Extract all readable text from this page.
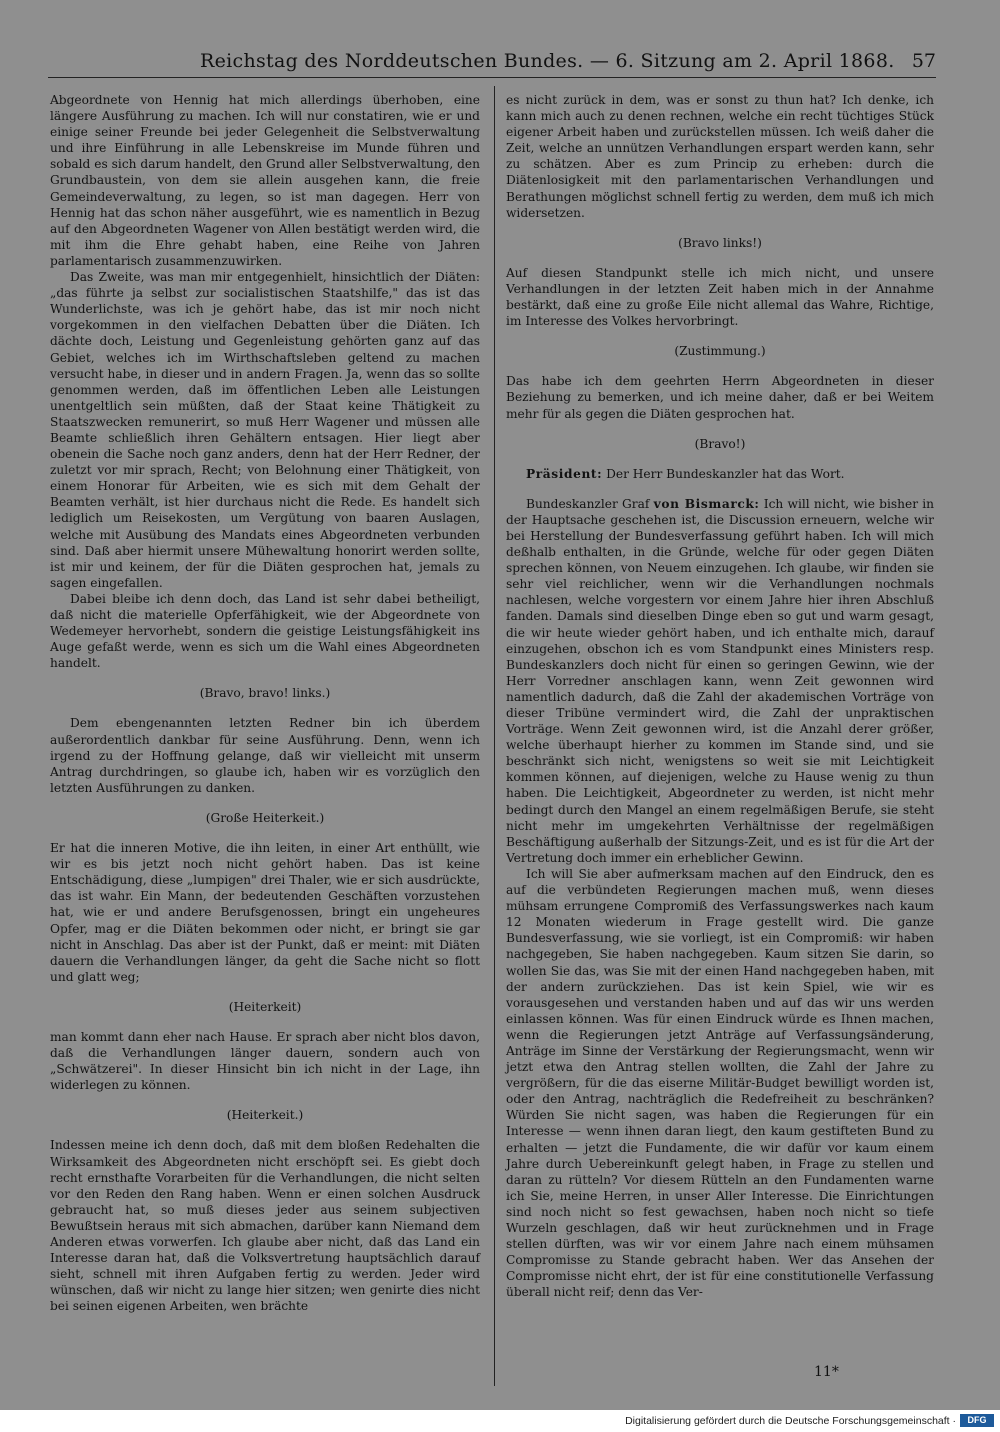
Reichstag des Norddeutschen Bundes. — 6. Sitzung am 2. April 1868. 57

Abgeordnete von Hennig hat mich allerdings überhoben, eine längere Ausführung zu machen. Ich will nur constatiren, wie er und einige seiner Freunde bei jeder Gelegenheit die Selbstverwaltung und ihre Einführung in alle Lebenskreise im Munde führen und sobald es sich darum handelt, den Grund aller Selbstverwaltung, den Grundbaustein, von dem sie allein ausgehen kann, die freie Gemeindeverwaltung, zu legen, so ist man dagegen. Herr von Hennig hat das schon näher ausgeführt, wie es namentlich in Bezug auf den Abgeordneten Wagener von Allen bestätigt werden wird, die mit ihm die Ehre gehabt haben, eine Reihe von Jahren parlamentarisch zusammenzuwirken.

Das Zweite, was man mir entgegenhielt, hinsichtlich der Diäten: „das führte ja selbst zur socialistischen Staatshilfe," das ist das Wunderlichste, was ich je gehört habe, das ist mir noch nicht vorgekommen in den vielfachen Debatten über die Diäten. Ich dächte doch, Leistung und Gegenleistung gehörten ganz auf das Gebiet, welches ich im Wirthschaftsleben geltend zu machen versucht habe, in dieser und in andern Fragen. Ja, wenn das so sollte genommen werden, daß im öffentlichen Leben alle Leistungen unentgeltlich sein müßten, daß der Staat keine Thätigkeit zu Staatszwecken remunerirt, so muß Herr Wagener und müssen alle Beamte schließlich ihren Gehältern entsagen. Hier liegt aber obenein die Sache noch ganz anders, denn hat der Herr Redner, der zuletzt vor mir sprach, Recht; von Belohnung einer Thätigkeit, von einem Honorar für Arbeiten, wie es sich mit dem Gehalt der Beamten verhält, ist hier durchaus nicht die Rede. Es handelt sich lediglich um Reisekosten, um Vergütung von baaren Auslagen, welche mit Ausübung des Mandats eines Abgeordneten verbunden sind. Daß aber hiermit unsere Mühewaltung honorirt werden sollte, ist mir und keinem, der für die Diäten gesprochen hat, jemals zu sagen eingefallen.

Dabei bleibe ich denn doch, das Land ist sehr dabei betheiligt, daß nicht die materielle Opferfähigkeit, wie der Abgeordnete von Wedemeyer hervorhebt, sondern die geistige Leistungsfähigkeit ins Auge gefaßt werde, wenn es sich um die Wahl eines Abgeordneten handelt.

(Bravo, bravo! links.)

Dem ebengenannten letzten Redner bin ich überdem außerordentlich dankbar für seine Ausführung. Denn, wenn ich irgend zu der Hoffnung gelange, daß wir vielleicht mit unserm Antrag durchdringen, so glaube ich, haben wir es vorzüglich den letzten Ausführungen zu danken.

(Große Heiterkeit.)

Er hat die inneren Motive, die ihn leiten, in einer Art enthüllt, wie wir es bis jetzt noch nicht gehört haben. Das ist keine Entschädigung, diese „lumpigen" drei Thaler, wie er sich ausdrückte, das ist wahr. Ein Mann, der bedeutenden Geschäften vorzustehen hat, wie er und andere Berufsgenossen, bringt ein ungeheures Opfer, mag er die Diäten bekommen oder nicht, er bringt sie gar nicht in Anschlag. Das aber ist der Punkt, daß er meint: mit Diäten dauern die Verhandlungen länger, da geht die Sache nicht so flott und glatt weg;

(Heiterkeit)

man kommt dann eher nach Hause. Er sprach aber nicht blos davon, daß die Verhandlungen länger dauern, sondern auch von „Schwätzerei". In dieser Hinsicht bin ich nicht in der Lage, ihn widerlegen zu können.

(Heiterkeit.)

Indessen meine ich denn doch, daß mit dem bloßen Redehalten die Wirksamkeit des Abgeordneten nicht erschöpft sei. Es giebt doch recht ernsthafte Vorarbeiten für die Verhandlungen, die nicht selten vor den Reden den Rang haben. Wenn er einen solchen Ausdruck gebraucht hat, so muß dieses jeder aus seinem subjectiven Bewußtsein heraus mit sich abmachen, darüber kann Niemand dem Anderen etwas vorwerfen. Ich glaube aber nicht, daß das Land ein Interesse daran hat, daß die Volksvertretung hauptsächlich darauf sieht, schnell mit ihren Aufgaben fertig zu werden. Jeder wird wünschen, daß wir nicht zu lange hier sitzen; wen genirte dies nicht bei seinen eigenen Arbeiten, wen brächte

es nicht zurück in dem, was er sonst zu thun hat? Ich denke, ich kann mich auch zu denen rechnen, welche ein recht tüchtiges Stück eigener Arbeit haben und zurückstellen müssen. Ich weiß daher die Zeit, welche an unnützen Verhandlungen erspart werden kann, sehr zu schätzen. Aber es zum Princip zu erheben: durch die Diätenlosigkeit mit den parlamentarischen Verhandlungen und Berathungen möglichst schnell fertig zu werden, dem muß ich mich widersetzen.

(Bravo links!)

Auf diesen Standpunkt stelle ich mich nicht, und unsere Verhandlungen in der letzten Zeit haben mich in der Annahme bestärkt, daß eine zu große Eile nicht allemal das Wahre, Richtige, im Interesse des Volkes hervorbringt.

(Zustimmung.)

Das habe ich dem geehrten Herrn Abgeordneten in dieser Beziehung zu bemerken, und ich meine daher, daß er bei Weitem mehr für als gegen die Diäten gesprochen hat.

(Bravo!)

Präsident: Der Herr Bundeskanzler hat das Wort.

Bundeskanzler Graf von Bismarck: Ich will nicht, wie bisher in der Hauptsache geschehen ist, die Discussion erneuern, welche wir bei Herstellung der Bundesverfassung geführt haben. Ich will mich deßhalb enthalten, in die Gründe, welche für oder gegen Diäten sprechen können, von Neuem einzugehen. Ich glaube, wir finden sie sehr viel reichlicher, wenn wir die Verhandlungen nochmals nachlesen, welche vorgestern vor einem Jahre hier ihren Abschluß fanden. Damals sind dieselben Dinge eben so gut und warm gesagt, die wir heute wieder gehört haben, und ich enthalte mich, darauf einzugehen, obschon ich es vom Standpunkt eines Ministers resp. Bundeskanzlers doch nicht für einen so geringen Gewinn, wie der Herr Vorredner anschlagen kann, wenn Zeit gewonnen wird namentlich dadurch, daß die Zahl der akademischen Vorträge von dieser Tribüne vermindert wird, die Zahl der unpraktischen Vorträge. Wenn Zeit gewonnen wird, ist die Anzahl derer größer, welche überhaupt hierher zu kommen im Stande sind, und sie beschränkt sich nicht, wenigstens so weit sie mit Leichtigkeit kommen können, auf diejenigen, welche zu Hause wenig zu thun haben. Die Leichtigkeit, Abgeordneter zu werden, ist nicht mehr bedingt durch den Mangel an einem regelmäßigen Berufe, sie steht nicht mehr im umgekehrten Verhältnisse der regelmäßigen Beschäftigung außerhalb der Sitzungs-Zeit, und es ist für die Art der Vertretung doch immer ein erheblicher Gewinn.

Ich will Sie aber aufmerksam machen auf den Eindruck, den es auf die verbündeten Regierungen machen muß, wenn dieses mühsam errungene Compromiß des Verfassungswerkes nach kaum 12 Monaten wiederum in Frage gestellt wird. Die ganze Bundesverfassung, wie sie vorliegt, ist ein Compromiß: wir haben nachgegeben, Sie haben nachgegeben. Kaum sitzen Sie darin, so wollen Sie das, was Sie mit der einen Hand nachgegeben haben, mit der andern zurückziehen. Das ist kein Spiel, wie wir es vorausgesehen und verstanden haben und auf das wir uns werden einlassen können. Was für einen Eindruck würde es Ihnen machen, wenn die Regierungen jetzt Anträge auf Verfassungsänderung, Anträge im Sinne der Verstärkung der Regierungsmacht, wenn wir jetzt etwa den Antrag stellen wollten, die Zahl der Jahre zu vergrößern, für die das eiserne Militär-Budget bewilligt worden ist, oder den Antrag, nachträglich die Redefreiheit zu beschränken? Würden Sie nicht sagen, was haben die Regierungen für ein Interesse — wenn ihnen daran liegt, den kaum gestifteten Bund zu erhalten — jetzt die Fundamente, die wir dafür vor kaum einem Jahre durch Uebereinkunft gelegt haben, in Frage zu stellen und daran zu rütteln? Vor diesem Rütteln an den Fundamenten warne ich Sie, meine Herren, in unser Aller Interesse. Die Einrichtungen sind noch nicht so fest gewachsen, haben noch nicht so tiefe Wurzeln geschlagen, daß wir heut zurücknehmen und in Frage stellen dürften, was wir vor einem Jahre nach einem mühsamen Compromisse zu Stande gebracht haben. Wer das Ansehen der Compromisse nicht ehrt, der ist für eine constitutionelle Verfassung überall nicht reif; denn das Ver-

11*
Digitalisierung gefördert durch die Deutsche Forschungsgemeinschaft ·	DFG
